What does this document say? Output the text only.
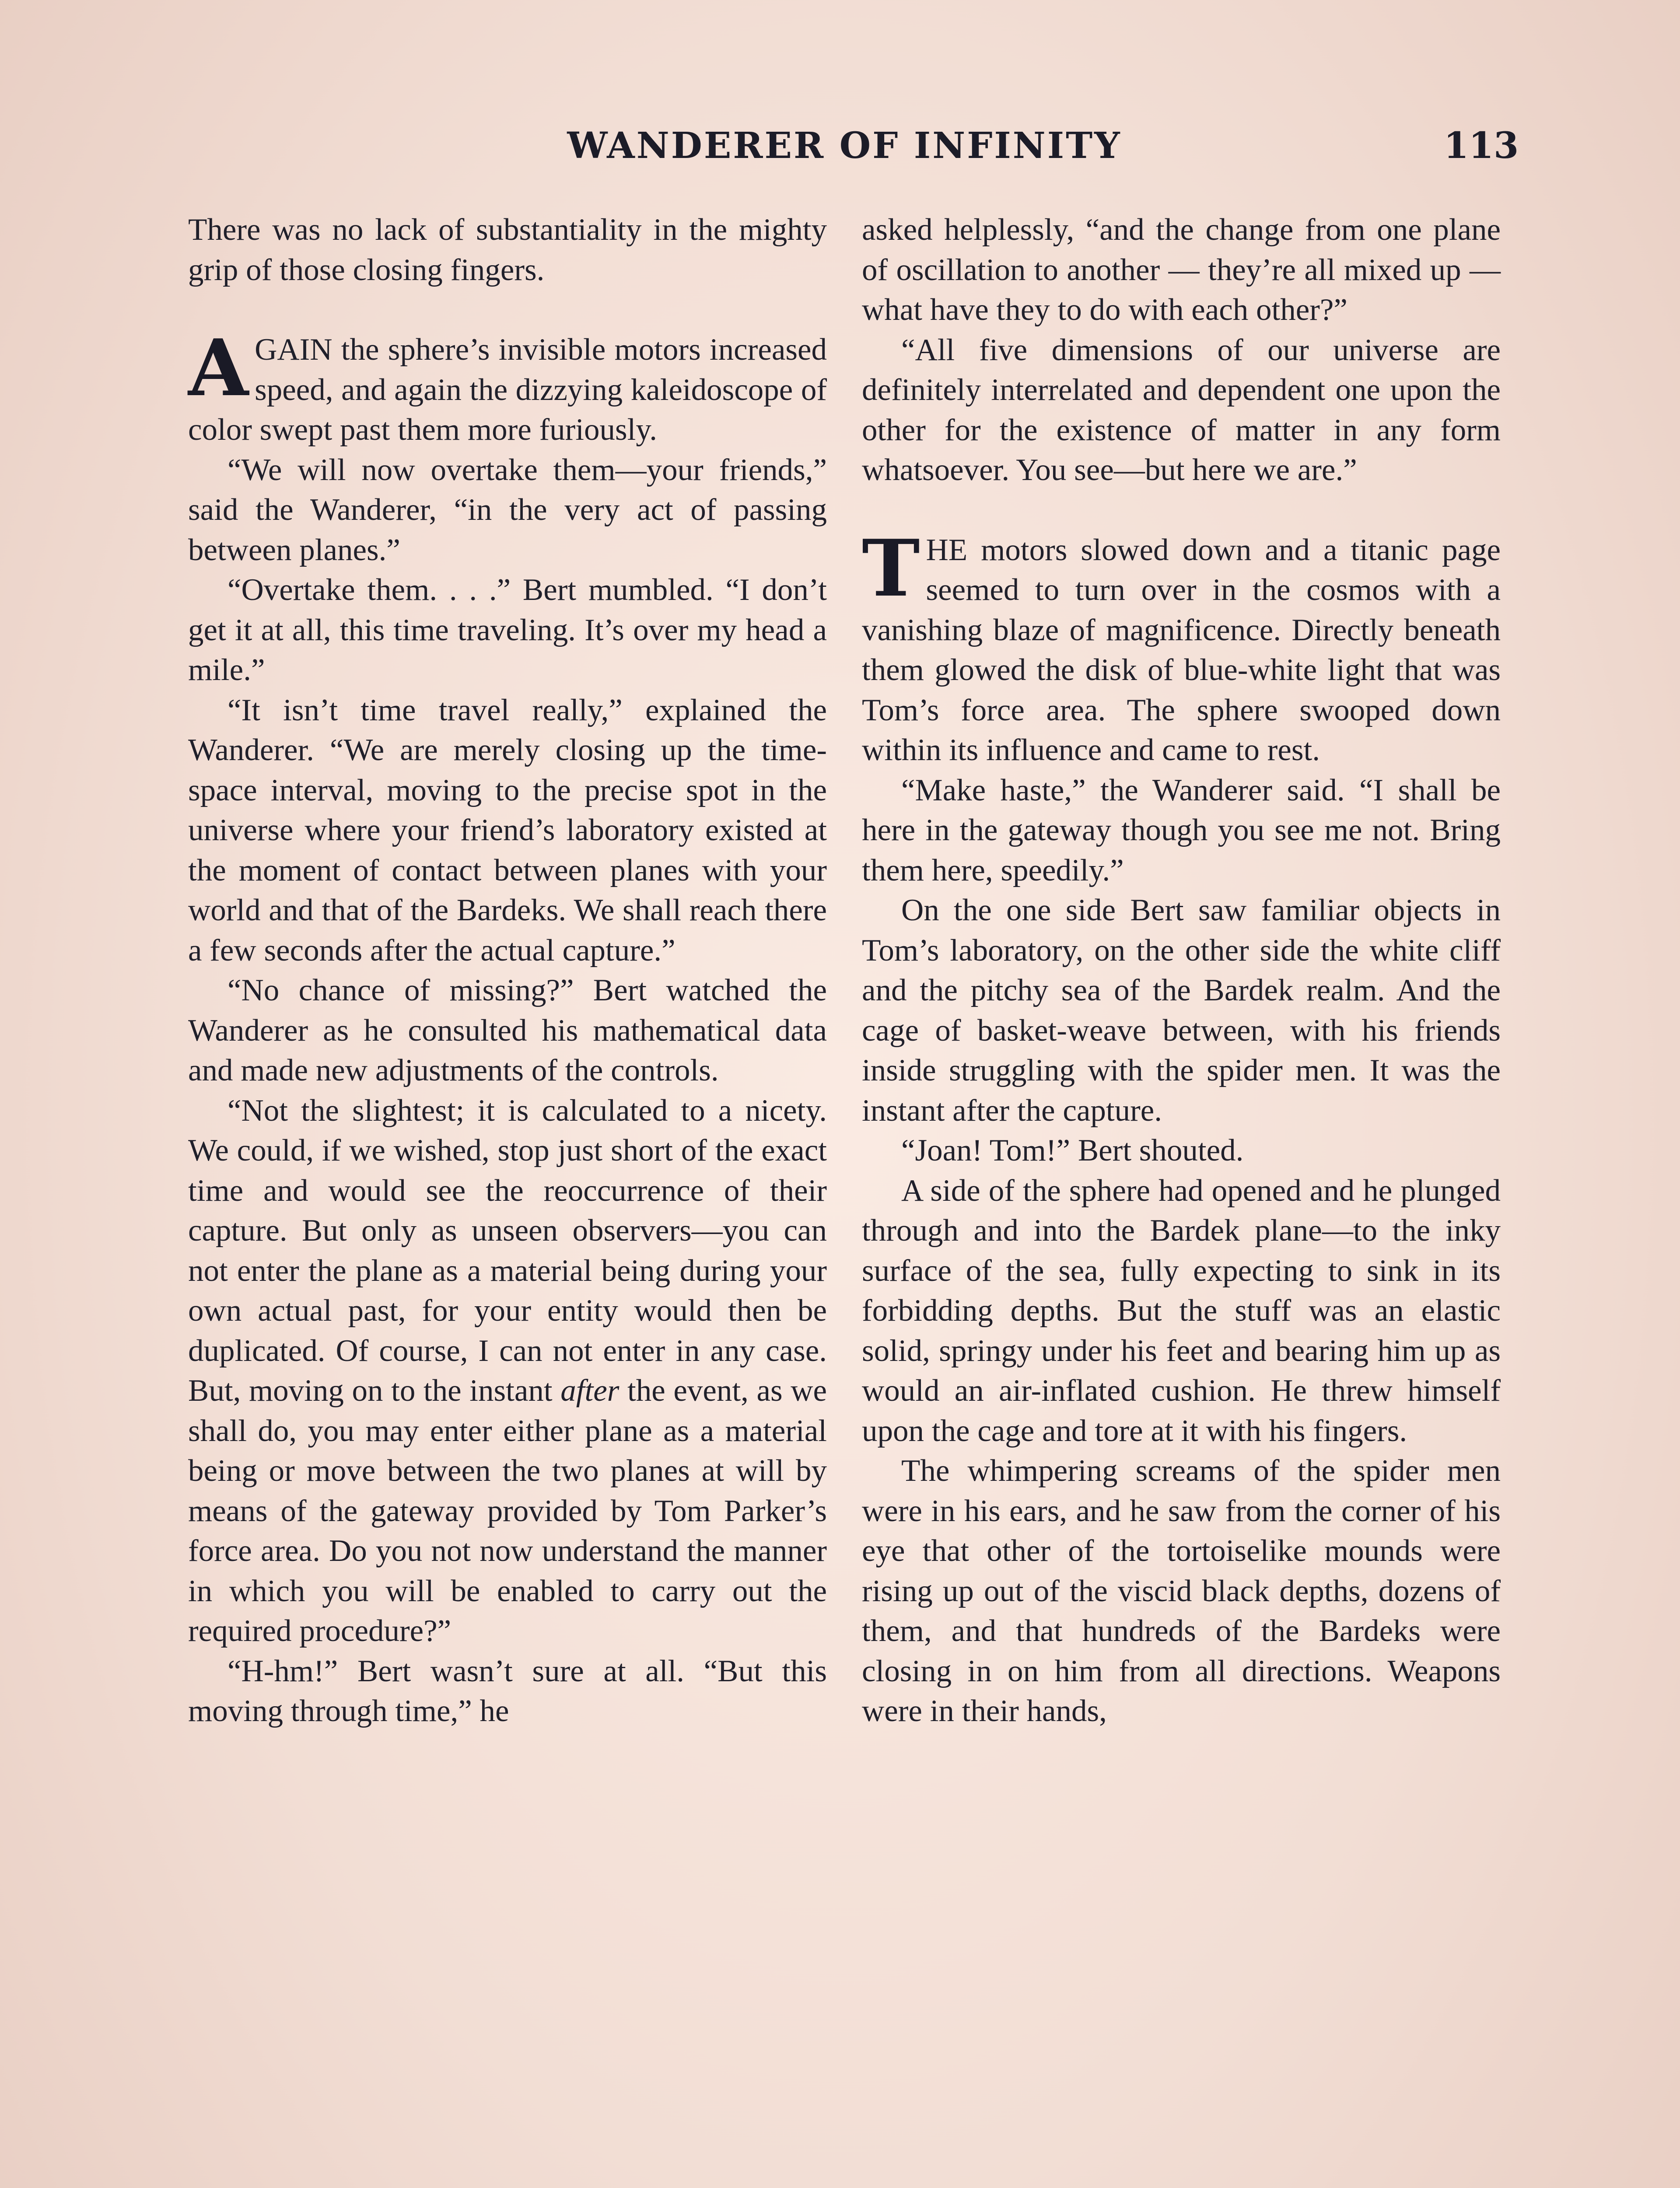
WANDERER OF INFINITY	113

There was no lack of substantiality in the mighty grip of those closing fingers.

AGAIN the sphere’s invisible motors increased speed, and again the dizzying kaleidoscope of color swept past them more furiously.

“We will now overtake them—your friends,” said the Wanderer, “in the very act of passing between planes.”

“Overtake them. . . .” Bert mumbled. “I don’t get it at all, this time traveling. It’s over my head a mile.”

“It isn’t time travel really,” explained the Wanderer. “We are merely closing up the time-space interval, moving to the precise spot in the universe where your friend’s laboratory existed at the moment of contact between planes with your world and that of the Bardeks. We shall reach there a few seconds after the actual capture.”

“No chance of missing?” Bert watched the Wanderer as he consulted his mathematical data and made new adjustments of the controls.

“Not the slightest; it is calculated to a nicety. We could, if we wished, stop just short of the exact time and would see the reoccurrence of their capture. But only as unseen observers—you can not enter the plane as a material being during your own actual past, for your entity would then be duplicated. Of course, I can not enter in any case. But, moving on to the instant after the event, as we shall do, you may enter either plane as a material being or move between the two planes at will by means of the gateway provided by Tom Parker’s force area. Do you not now understand the manner in which you will be enabled to carry out the required procedure?”

“H-hm!” Bert wasn’t sure at all. “But this moving through time,” he

asked helplessly, “and the change from one plane of oscillation to another — they’re all mixed up — what have they to do with each other?”

“All five dimensions of our universe are definitely interrelated and dependent one upon the other for the existence of matter in any form whatsoever. You see—but here we are.”

THE motors slowed down and a titanic page seemed to turn over in the cosmos with a vanishing blaze of magnificence. Directly beneath them glowed the disk of blue-white light that was Tom’s force area. The sphere swooped down within its influence and came to rest.

“Make haste,” the Wanderer said. “I shall be here in the gateway though you see me not. Bring them here, speedily.”

On the one side Bert saw familiar objects in Tom’s laboratory, on the other side the white cliff and the pitchy sea of the Bardek realm. And the cage of basket-weave between, with his friends inside struggling with the spider men. It was the instant after the capture.

“Joan! Tom!” Bert shouted.

A side of the sphere had opened and he plunged through and into the Bardek plane—to the inky surface of the sea, fully expecting to sink in its forbidding depths. But the stuff was an elastic solid, springy under his feet and bearing him up as would an air-inflated cushion. He threw himself upon the cage and tore at it with his fingers.

The whimpering screams of the spider men were in his ears, and he saw from the corner of his eye that other of the tortoiselike mounds were rising up out of the viscid black depths, dozens of them, and that hundreds of the Bardeks were closing in on him from all directions. Weapons were in their hands,
